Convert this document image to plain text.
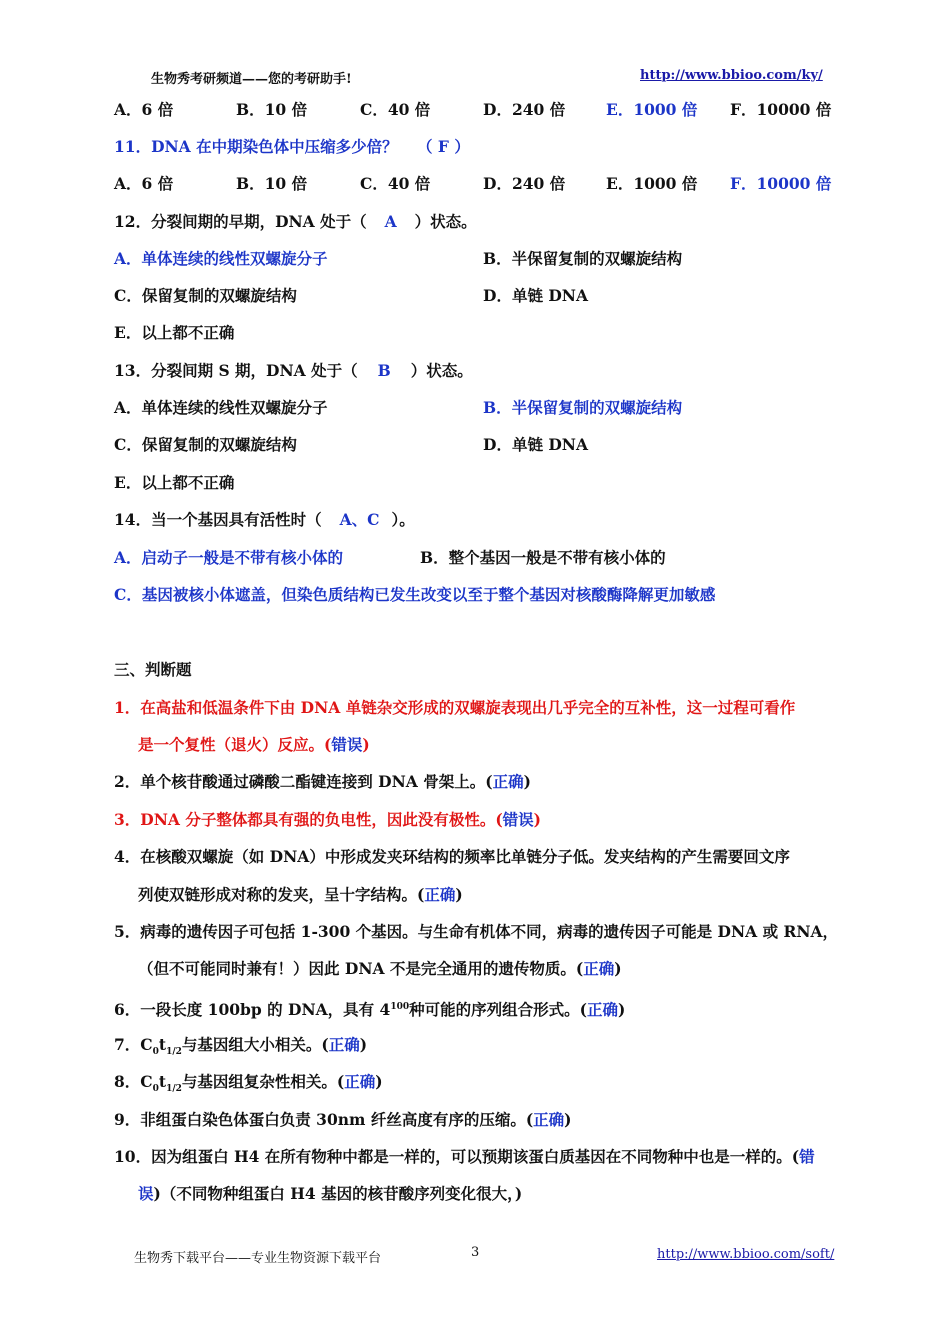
生物秀考研频道——您的考研助手!	http://www.bbioo.com/ky/
A．6 倍	B．10 倍	C．40 倍	D．240 倍	E．1000 倍 F．10000 倍
11．DNA 在中期染色体中压缩多少倍？ （ F ）
A．6 倍	B．10 倍	C．40 倍	D．240 倍	E．1000 倍 F．10000 倍
12．分裂间期的早期，DNA 处于（ A ）状态。
A．单体连续的线性双螺旋分子	B．半保留复制的双螺旋结构
C．保留复制的双螺旋结构	D．单链 DNA
E．以上都不正确
13．分裂间期 S 期，DNA 处于（ B ）状态。
A．单体连续的线性双螺旋分子	B．半保留复制的双螺旋结构
C．保留复制的双螺旋结构	D．单链 DNA
E．以上都不正确
14．当一个基因具有活性时（ A、C ）。
A．启动子一般是不带有核小体的	B．整个基因一般是不带有核小体的
C．基因被核小体遮盖，但染色质结构已发生改变以至于整个基因对核酸酶降解更加敏感
三、判断题
1．在高盐和低温条件下由 DNA 单链杂交形成的双螺旋表现出几乎完全的互补性，这一过程可看作
是一个复性（退火）反应。(错误)
2．单个核苷酸通过磷酸二酯键连接到 DNA 骨架上。(正确)
3．DNA 分子整体都具有强的负电性，因此没有极性。(错误)
4．在核酸双螺旋（如 DNA）中形成发夹环结构的频率比单链分子低。发夹结构的产生需要回文序
列使双链形成对称的发夹，呈十字结构。(正确)
5．病毒的遗传因子可包括 1-300 个基因。与生命有机体不同，病毒的遗传因子可能是 DNA 或 RNA，
（但不可能同时兼有！）因此 DNA 不是完全通用的遗传物质。(正确)
6．一段长度 100bp 的 DNA，具有 $4^{100}$种可能的序列组合形式。(正确)
7．$C_0t_{1/2}$与基因组大小相关。(正确)
8．$C_0t_{1/2}$与基因组复杂性相关。(正确)
9．非组蛋白染色体蛋白负责 30nm 纤丝高度有序的压缩。(正确)
10．因为组蛋白 H4 在所有物种中都是一样的，可以预期该蛋白质基因在不同物种中也是一样的。(错
误)（不同物种组蛋白 H4 基因的核苷酸序列变化很大，)
生物秀下载平台——专业生物资源下载平台	3	http://www.bbioo.com/soft/
